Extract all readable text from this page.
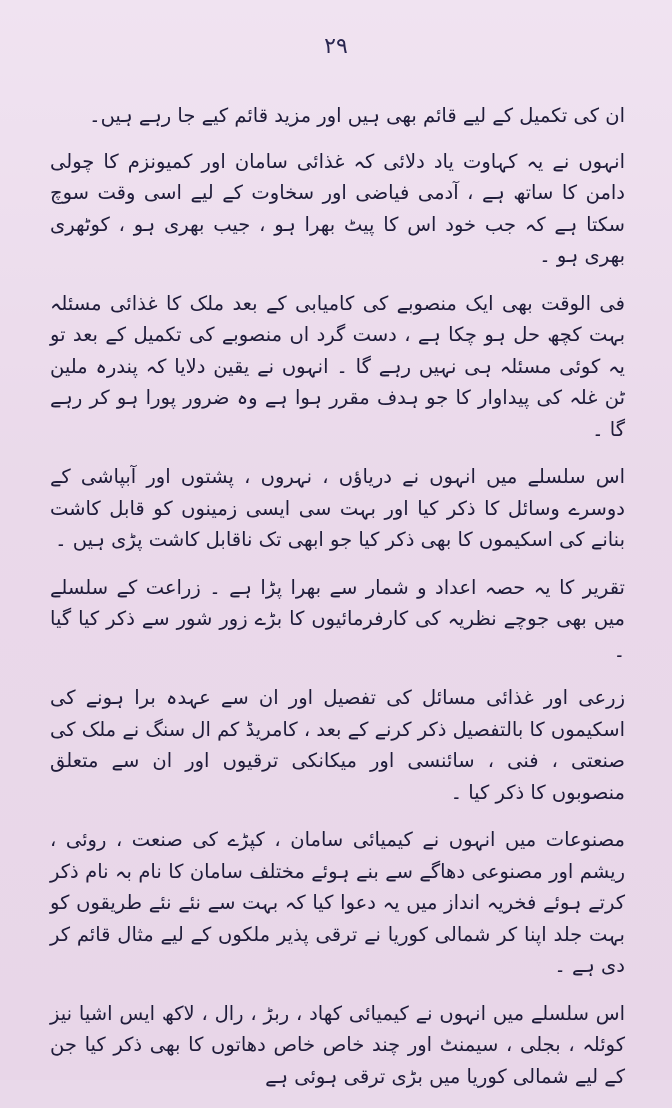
۲۹

ان کی تکمیل کے لیے قائم بھی ہیں اور مزید قائم کیے جا رہے ہیں۔

انہوں نے یہ کہاوت یاد دلائی کہ غذائی سامان اور کمیونزم کا چولی دامن کا ساتھ ہے ، آدمی فیاضی اور سخاوت کے لیے اسی وقت سوچ سکتا ہے کہ جب خود اس کا پیٹ بھرا ہو ، جیب بھری ہو ، کوٹھری بھری ہو ۔

فی الوقت بھی ایک منصوبے کی کامیابی کے بعد ملک کا غذائی مسئلہ بہت کچھ حل ہو چکا ہے ، دست گرد اں منصوبے کی تکمیل کے بعد تو یہ کوئی مسئلہ ہی نہیں رہے گا ۔ انہوں نے یقین دلایا کہ پندرہ ملین ٹن غلہ کی پیداوار کا جو ہدف مقرر ہوا ہے وہ ضرور پورا ہو کر رہے گا ۔

اس سلسلے میں انہوں نے دریاؤں ، نہروں ، پشتوں اور آبپاشی کے دوسرے وسائل کا ذکر کیا اور بہت سی ایسی زمینوں کو قابل کاشت بنانے کی اسکیموں کا بھی ذکر کیا جو ابھی تک ناقابل کاشت پڑی ہیں ۔

تقریر کا یہ حصہ اعداد و شمار سے بھرا پڑا ہے ۔ زراعت کے سلسلے میں بھی جوچے نظریہ کی کارفرمائیوں کا بڑے زور شور سے ذکر کیا گیا ۔

زرعی اور غذائی مسائل کی تفصیل اور ان سے عہدہ برا ہونے کی اسکیموں کا بالتفصیل ذکر کرنے کے بعد ، کامریڈ کم ال سنگ نے ملک کی صنعتی ، فنی ، سائنسی اور میکانکی ترقیوں اور ان سے متعلق منصوبوں کا ذکر کیا ۔

مصنوعات میں انہوں نے کیمیائی سامان ، کپڑے کی صنعت ، روئی ، ریشم اور مصنوعی دھاگے سے بنے ہوئے مختلف سامان کا نام بہ نام ذکر کرتے ہوئے فخریہ انداز میں یہ دعوا کیا کہ بہت سے نئے نئے طریقوں کو بہت جلد اپنا کر شمالی کوریا نے ترقی پذیر ملکوں کے لیے مثال قائم کر دی ہے ۔

اس سلسلے میں انہوں نے کیمیائی کھاد ، ربڑ ، رال ، لاکھ ایس اشیا نیز کوئلہ ، بجلی ، سیمنٹ اور چند خاص خاص دھاتوں کا بھی ذکر کیا جن کے لیے شمالی کوریا میں بڑی ترقی ہوئی ہے
